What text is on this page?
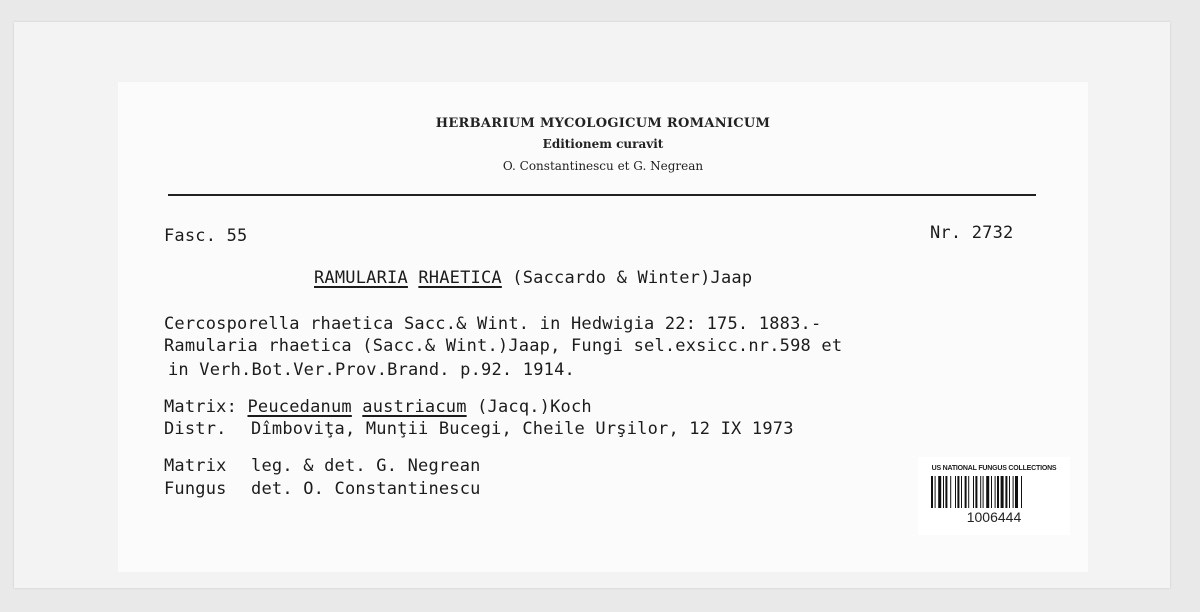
HERBARIUM MYCOLOGICUM ROMANICUM
Editionem curavit
O. Constantinescu et G. Negrean
Fasc. 55	Nr. 2732
RAMULARIA RHAETICA (Saccardo & Winter)Jaap
Cercosporella rhaetica Sacc.& Wint. in Hedwigia 22: 175. 1883.-
Ramularia rhaetica (Sacc.& Wint.)Jaap, Fungi sel.exsicc.nr.598 et
in Verh.Bot.Ver.Prov.Brand. p.92. 1914.
Matrix: Peucedanum austriacum (Jacq.)Koch
Distr. Dîmboviţa, Munţii Bucegi, Cheile Urşilor, 12 IX 1973
Matrix leg. & det. G. Negrean
Fungus det. O. Constantinescu
US NATIONAL FUNGUS COLLECTIONS
1006444
